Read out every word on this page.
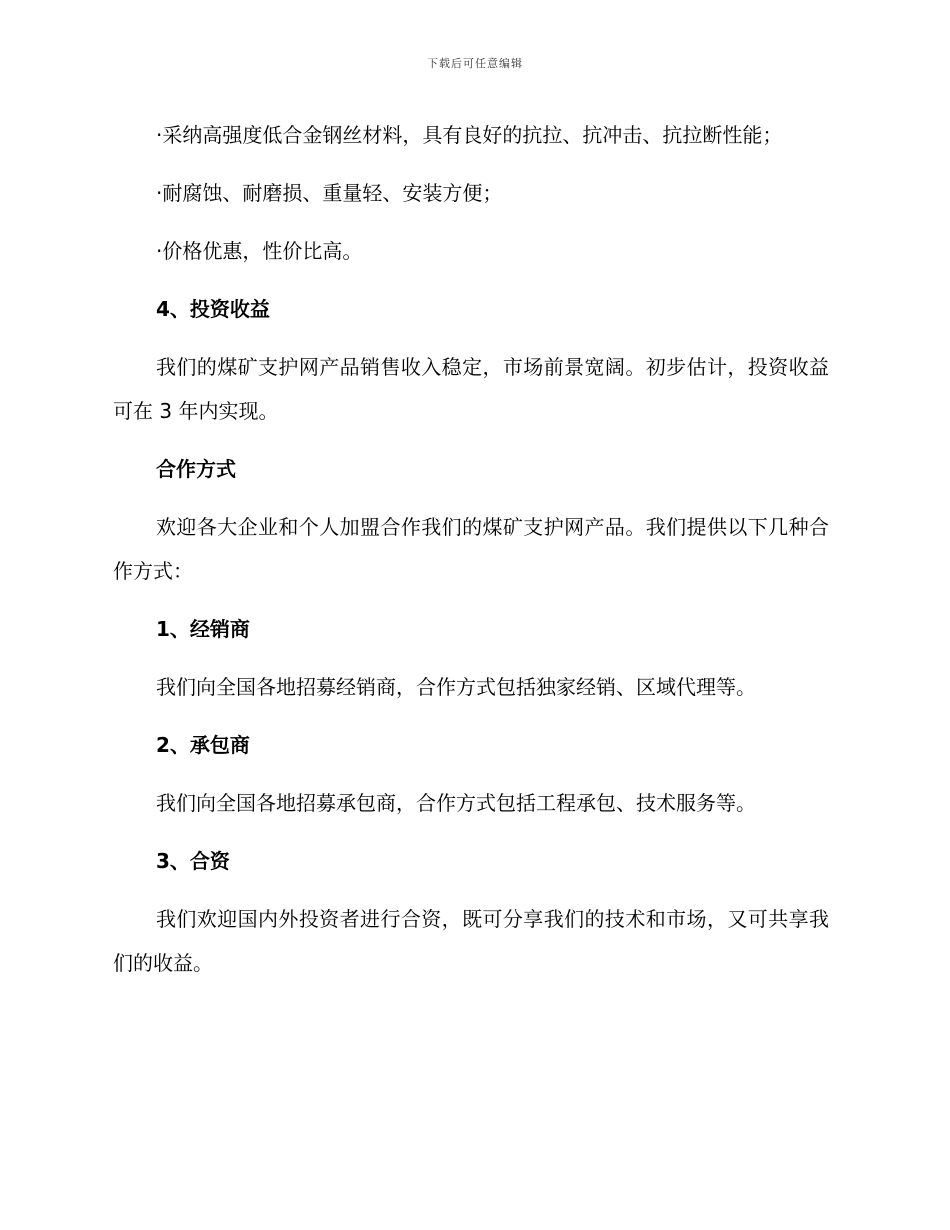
下载后可任意编辑

·采纳高强度低合金钢丝材料，具有良好的抗拉、抗冲击、抗拉断性能；

·耐腐蚀、耐磨损、重量轻、安装方便；

·价格优惠，性价比高。

4、投资收益

我们的煤矿支护网产品销售收入稳定，市场前景宽阔。初步估计，投资收益可在 3 年内实现。

合作方式

欢迎各大企业和个人加盟合作我们的煤矿支护网产品。我们提供以下几种合作方式：

1、经销商

我们向全国各地招募经销商，合作方式包括独家经销、区域代理等。

2、承包商

我们向全国各地招募承包商，合作方式包括工程承包、技术服务等。

3、合资

我们欢迎国内外投资者进行合资，既可分享我们的技术和市场，又可共享我们的收益。
